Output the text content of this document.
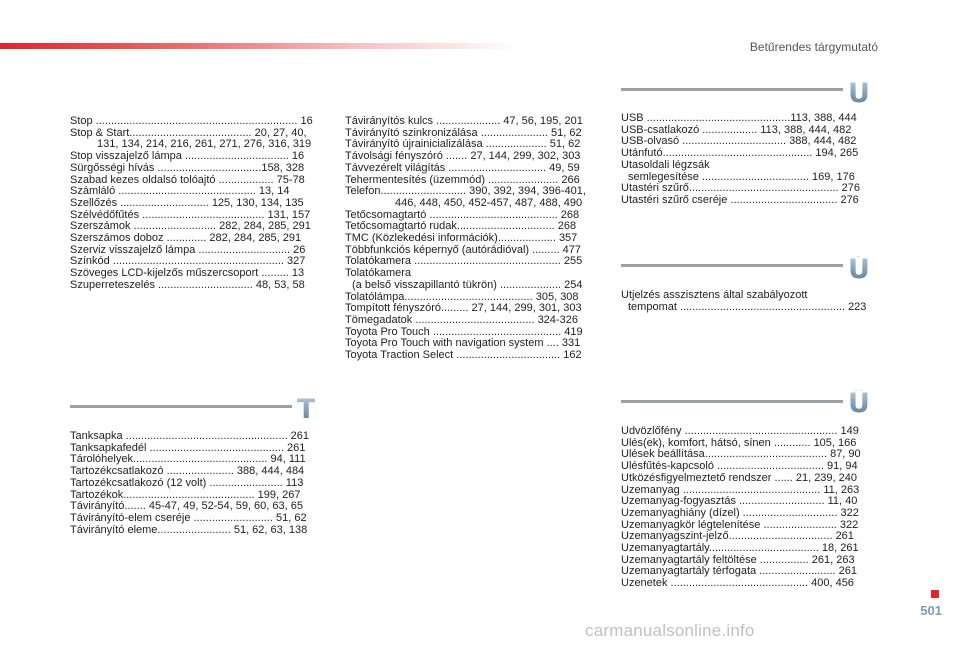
Betűrendes tárgymutató
Stop .................................................................. 16
Stop & Start........................................ 20, 27, 40,
131, 134, 214, 216, 261, 271, 276, 316, 319
Stop visszajelző lámpa .................................. 16
Sürgősségi hívás ..................................158, 328
Szabad kezes oldalsó tolóajtó .................. 75-78
Számláló ............................................. 13, 14
Szellőzés ............................. 125, 130, 134, 135
Szélvédőfűtés ........................................ 131, 157
Szerszámok ........................... 282, 284, 285, 291
Szerszámos doboz ............. 282, 284, 285, 291
Szerviz visszajelző lámpa .............................. 26
Színkód ........................................................ 327
Szöveges LCD-kijelzős műszercsoport ......... 13
Szuperreteszelés ............................... 48, 53, 58
T
Tanksapka ..................................................... 261
Tanksapkafedél ............................................ 261
Tárolóhelyek............................................ 94, 111
Tartozékcsatlakozó ...................... 388, 444, 484
Tartozékcsatlakozó (12 volt) ........................ 113
Tartozékok........................................... 199, 267
Távirányító....... 45-47, 49, 52-54, 59, 60, 63, 65
Távirányító-elem cseréje .......................... 51, 62
Távirányító eleme........................ 51, 62, 63, 138
Távirányítós kulcs ..................... 47, 56, 195, 201
Távirányító szinkronizálása ...................... 51, 62
Távirányító újrainicializálása .................... 51, 62
Távolsági fényszóró ....... 27, 144, 299, 302, 303
Távvezérelt világítás ................................ 49, 59
Tehermentesítés (üzemmód) ....................... 266
Telefon............................ 390, 392, 394, 396-401,
446, 448, 450, 452-457, 487, 488, 490
Tetőcsomagtartó .......................................... 268
Tetőcsomagtartó rudak................................ 268
TMC (Közlekedési információk)................... 357
Többfunkciós képernyő (autórádióval) ......... 477
Tolatókamera ................................................ 255
Tolatókamera
(a belső visszapillantó tükrön) .................... 254
Tolatólámpa.......................................... 305, 308
Tompított fényszóró......... 27, 144, 299, 301, 303
Tömegadatok ....................................... 324-326
Toyota Pro Touch .......................................... 419
Toyota Pro Touch with navigation system .... 331
Toyota Traction Select .................................. 162
U
USB ...............................................113, 388, 444
USB-csatlakozó .................. 113, 388, 444, 482
USB-olvasó .................................. 388, 444, 482
Utánfutó................................................. 194, 265
Utasoldali légzsák
semlegesítése ................................... 169, 176
Utastéri szűrő................................................. 276
Utastéri szűrő cseréje ................................... 276
Ú
Útjelzés asszisztens által szabályozott
tempomat ...................................................... 223
Ü
Üdvözlőfény .................................................. 149
Ülés(ek), komfort, hátsó, sínen ............ 105, 166
Ülések beállítása........................................ 87, 90
Ülésfűtés-kapcsoló ................................... 91, 94
Ütközésfigyelmeztető rendszer ...... 21, 239, 240
Üzemanyag ............................................. 11, 263
Üzemanyag-fogyasztás ............................ 11, 40
Üzemanyaghiány (dízel) ............................... 322
Üzemanyagkör légtelenítése ........................ 322
Üzemanyagszint-jelző.................................. 261
Üzemanyagtartály.................................... 18, 261
Üzemanyagtartály feltöltése ................ 261, 263
Üzemanyagtartály térfogata ......................... 261
Üzenetek ............................................. 400, 456
501
carmanualsonline.info
